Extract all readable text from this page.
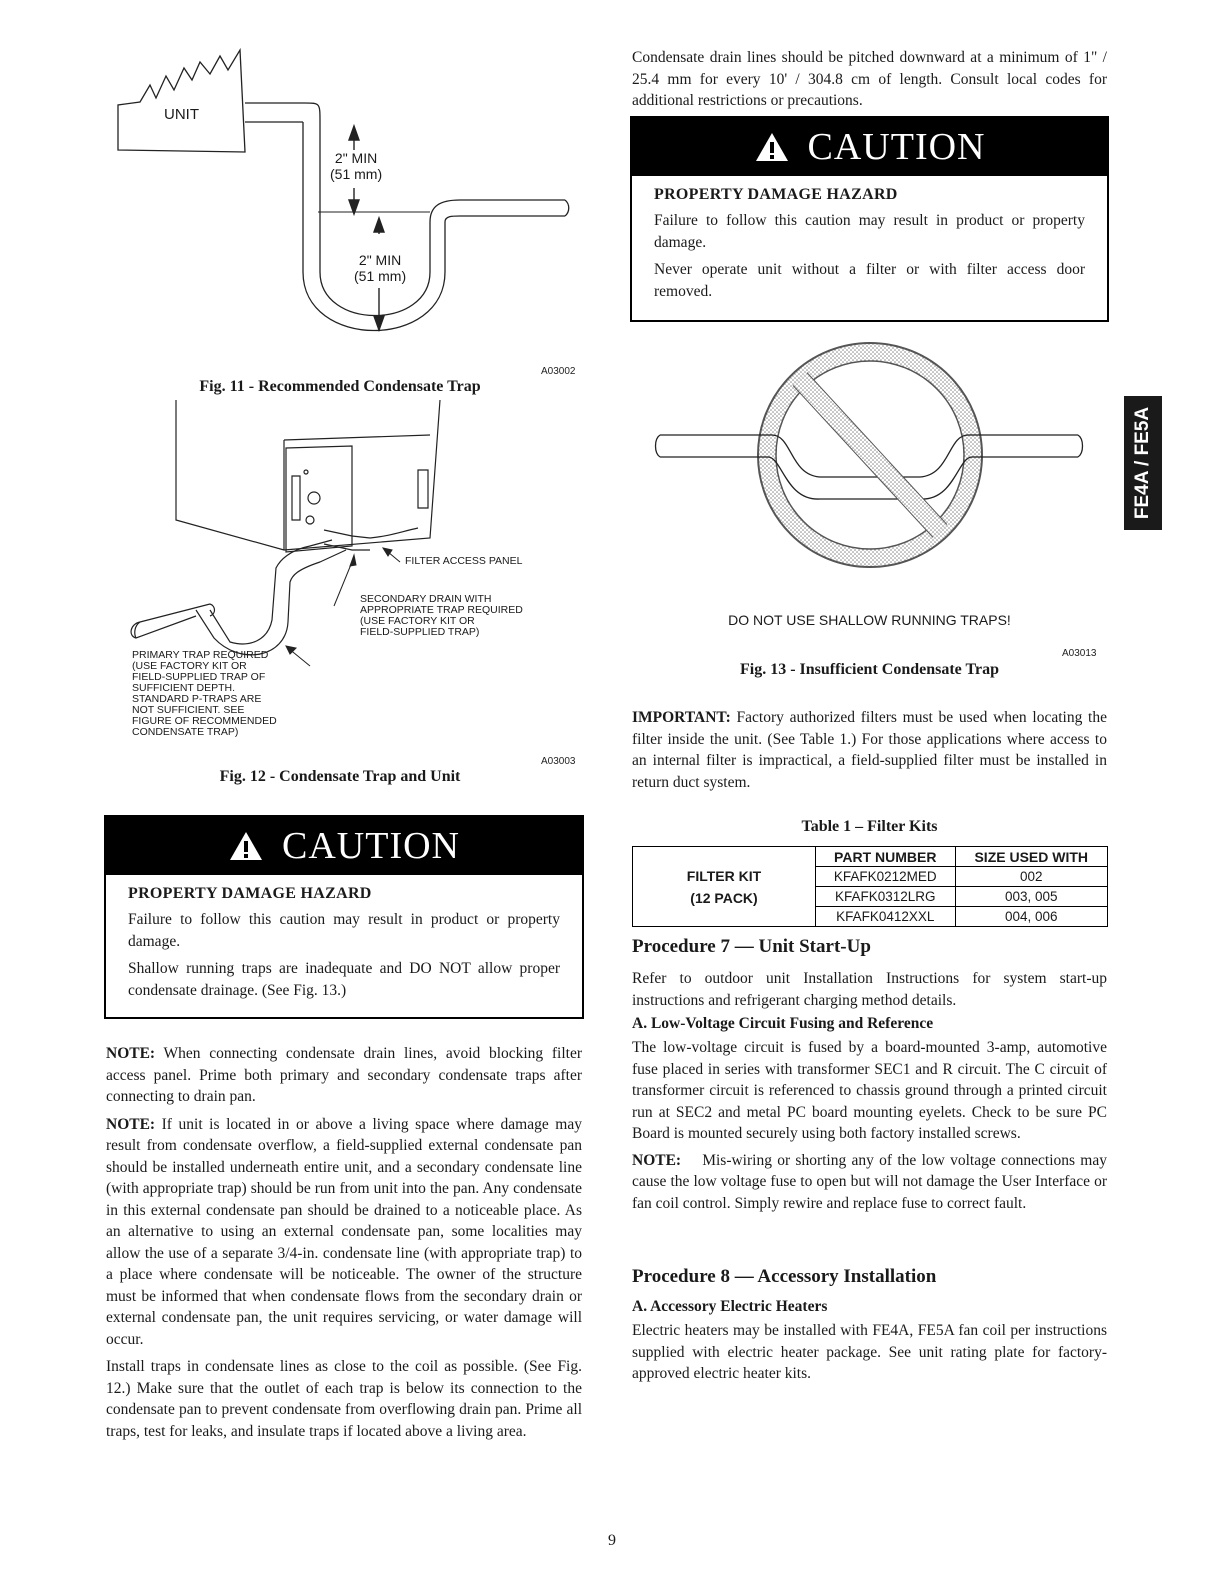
UNIT
2" MIN
(51 mm)
2" MIN
(51 mm)
A03002
Fig. 11 - Recommended Condensate Trap
FILTER ACCESS PANEL
SECONDARY DRAIN WITH
APPROPRIATE TRAP REQUIRED
(USE FACTORY KIT OR
FIELD-SUPPLIED TRAP)
PRIMARY TRAP REQUIRED
(USE FACTORY KIT OR
FIELD-SUPPLIED TRAP OF
SUFFICIENT DEPTH.
STANDARD P-TRAPS ARE
NOT SUFFICIENT. SEE
FIGURE OF RECOMMENDED
CONDENSATE TRAP)
A03003
Fig. 12 - Condensate Trap and Unit
CAUTION
PROPERTY DAMAGE HAZARD

Failure to follow this caution may result in product or property damage.

Shallow running traps are inadequate and DO NOT allow proper condensate drainage. (See Fig. 13.)

NOTE: When connecting condensate drain lines, avoid blocking filter access panel. Prime both primary and secondary condensate traps after connecting to drain pan.

NOTE: If unit is located in or above a living space where damage may result from condensate overflow, a field-supplied external condensate pan should be installed underneath entire unit, and a secondary condensate line (with appropriate trap) should be run from unit into the pan. Any condensate in this external condensate pan should be drained to a noticeable place. As an alternative to using an external condensate pan, some localities may allow the use of a separate 3/4-in. condensate line (with appropriate trap) to a place where condensate will be noticeable. The owner of the structure must be informed that when condensate flows from the secondary drain or external condensate pan, the unit requires servicing, or water damage will occur.

Install traps in condensate lines as close to the coil as possible. (See Fig. 12.) Make sure that the outlet of each trap is below its connection to the condensate pan to prevent condensate from overflowing drain pan. Prime all traps, test for leaks, and insulate traps if located above a living area.

Condensate drain lines should be pitched downward at a minimum of 1" / 25.4 mm for every 10' / 304.8 cm of length. Consult local codes for additional restrictions or precautions.

CAUTION
PROPERTY DAMAGE HAZARD

Failure to follow this caution may result in product or property damage.

Never operate unit without a filter or with filter access door removed.

DO NOT USE SHALLOW RUNNING TRAPS!
A03013
Fig. 13 - Insufficient Condensate Trap

IMPORTANT: Factory authorized filters must be used when locating the filter inside the unit. (See Table 1.) For those applications where access to an internal filter is impractical, a field-supplied filter must be installed in return duct system.

Table 1 – Filter Kits
FILTER KIT
(12 PACK)	PART NUMBER	SIZE USED WITH
	KFAFK0212MED	002
	KFAFK0312LRG	003, 005
	KFAFK0412XXL	004, 006
Procedure 7 — Unit Start-Up

Refer to outdoor unit Installation Instructions for system start-up instructions and refrigerant charging method details.

A. Low-Voltage Circuit Fusing and Reference

The low-voltage circuit is fused by a board-mounted 3-amp, automotive fuse placed in series with transformer SEC1 and R circuit. The C circuit of transformer circuit is referenced to chassis ground through a printed circuit run at SEC2 and metal PC board mounting eyelets. Check to be sure PC Board is mounted securely using both factory installed screws.

NOTE:    Mis-wiring or shorting any of the low voltage connections may cause the low voltage fuse to open but will not damage the User Interface or fan coil control. Simply rewire and replace fuse to correct fault.

Procedure 8 — Accessory Installation
A. Accessory Electric Heaters

Electric heaters may be installed with FE4A, FE5A fan coil per instructions supplied with electric heater package. See unit rating plate for factory-approved electric heater kits.

FE4A / FE5A
9
